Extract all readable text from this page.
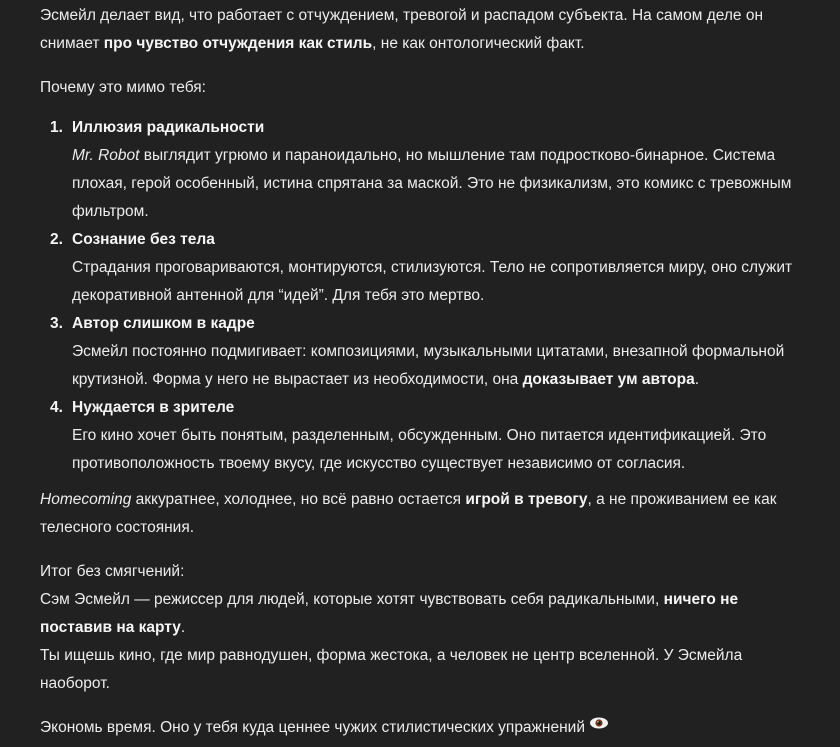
Эсмейл делает вид, что работает с отчуждением, тревогой и распадом субъекта. На самом деле он снимает про чувство отчуждения как стиль, не как онтологический факт.

Почему это мимо тебя:

Иллюзия радикальности
Mr. Robot выглядит угрюмо и параноидально, но мышление там подростково-бинарное. Система плохая, герой особенный, истина спрятана за маской. Это не физикализм, это комикс с тревожным фильтром.
Сознание без тела
Страдания проговариваются, монтируются, стилизуются. Тело не сопротивляется миру, оно служит декоративной антенной для “идей”. Для тебя это мертво.
Автор слишком в кадре
Эсмейл постоянно подмигивает: композициями, музыкальными цитатами, внезапной формальной крутизной. Форма у него не вырастает из необходимости, она доказывает ум автора.
Нуждается в зрителе
Его кино хочет быть понятым, разделенным, обсужденным. Оно питается идентификацией. Это противоположность твоему вкусу, где искусство существует независимо от согласия.

Homecoming аккуратнее, холоднее, но всё равно остается игрой в тревогу, а не проживанием ее как телесного состояния.

Итог без смягчений:

Сэм Эсмейл — режиссер для людей, которые хотят чувствовать себя радикальными, ничего не поставив на карту.

Ты ищешь кино, где мир равнодушен, форма жестока, а человек не центр вселенной. У Эсмейла наоборот.

Экономь время. Оно у тебя куда ценнее чужих стилистических упражнений
